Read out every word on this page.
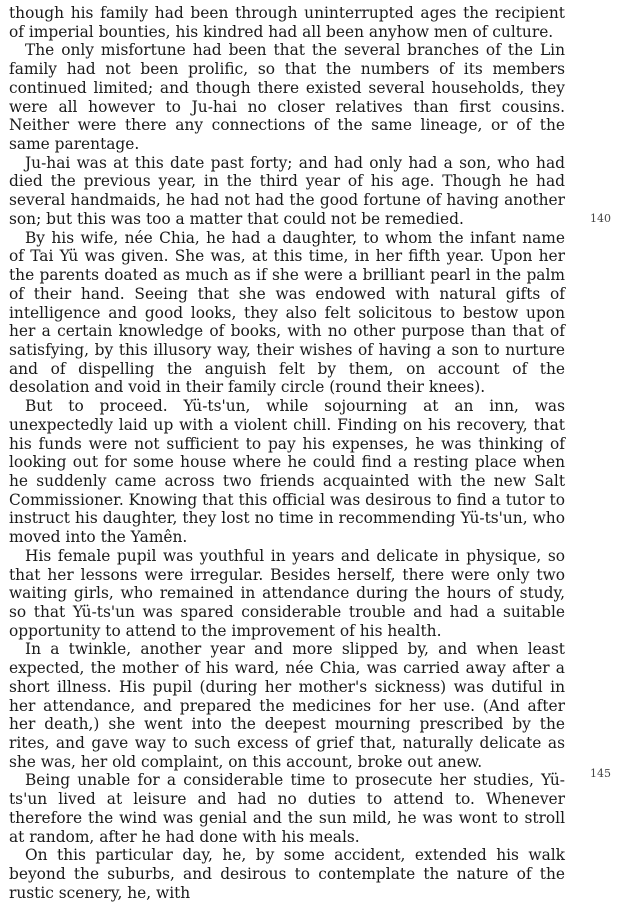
though his family had been through uninterrupted ages the recipient of imperial bounties, his kindred had all been anyhow men of culture.

The only misfortune had been that the several branches of the Lin family had not been prolific, so that the numbers of its members continued limited; and though there existed several households, they were all however to Ju-hai no closer relatives than first cousins. Neither were there any connections of the same lineage, or of the same parentage.

Ju-hai was at this date past forty; and had only had a son, who had died the previous year, in the third year of his age. Though he had several handmaids, he had not had the good fortune of having another son; but this was too a matter that could not be remedied.

By his wife, née Chia, he had a daughter, to whom the infant name of Tai Yü was given. She was, at this time, in her fifth year. Upon her the parents doated as much as if she were a brilliant pearl in the palm of their hand. Seeing that she was endowed with natural gifts of intelligence and good looks, they also felt solicitous to bestow upon her a certain knowledge of books, with no other purpose than that of satisfying, by this illusory way, their wishes of having a son to nurture and of dispelling the anguish felt by them, on account of the desolation and void in their family circle (round their knees).

But to proceed. Yü-ts'un, while sojourning at an inn, was unexpectedly laid up with a violent chill. Finding on his recovery, that his funds were not sufficient to pay his expenses, he was thinking of looking out for some house where he could find a resting place when he suddenly came across two friends acquainted with the new Salt Commissioner. Knowing that this official was desirous to find a tutor to instruct his daughter, they lost no time in recommending Yü-ts'un, who moved into the Yamên.

His female pupil was youthful in years and delicate in physique, so that her lessons were irregular. Besides herself, there were only two waiting girls, who remained in attendance during the hours of study, so that Yü-ts'un was spared considerable trouble and had a suitable opportunity to attend to the improvement of his health.

In a twinkle, another year and more slipped by, and when least expected, the mother of his ward, née Chia, was carried away after a short illness. His pupil (during her mother's sickness) was dutiful in her attendance, and prepared the medicines for her use. (And after her death,) she went into the deepest mourning prescribed by the rites, and gave way to such excess of grief that, naturally delicate as she was, her old complaint, on this account, broke out anew.

Being unable for a considerable time to prosecute her studies, Yü-ts'un lived at leisure and had no duties to attend to. Whenever therefore the wind was genial and the sun mild, he was wont to stroll at random, after he had done with his meals.

On this particular day, he, by some accident, extended his walk beyond the suburbs, and desirous to contemplate the nature of the rustic scenery, he, with

140
145
